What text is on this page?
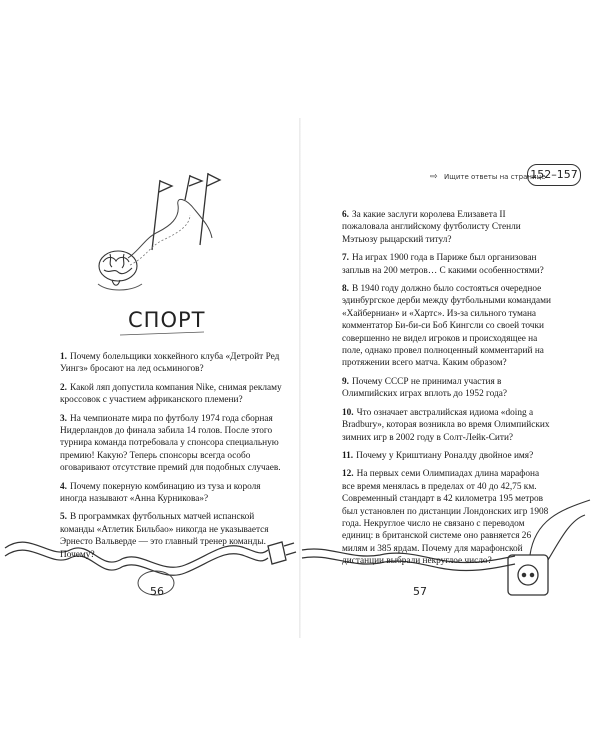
СПОРТ

1. Почему болельщики хоккейного клуба «Детройт Ред Уингз» бросают на лед осьминогов?

2. Какой ляп допустила компания Nike, снимая рекламу кроссовок с участием африканского племени?

3. На чемпионате мира по футболу 1974 года сборная Нидерландов до финала забила 14 голов. После этого турнира команда потребовала у спонсора специальную премию! Какую? Теперь спонсоры всегда особо оговаривают отсутствие премий для подобных случаев.

4. Почему покерную комбинацию из туза и короля иногда называют «Анна Курникова»?

5. В программках футбольных матчей испанской команды «Атлетик Бильбао» никогда не указывается Эрнесто Вальверде — это главный тренер команды. Почему?

56
⇨ Ищите ответы на странице
152–157

6. За какие заслуги королева Елизавета II пожаловала английскому футболисту Стенли Мэтьюзу рыцарский титул?

7. На играх 1900 года в Париже был организован заплыв на 200 метров… С какими особенностями?

8. В 1940 году должно было состояться очередное эдинбургское дерби между футбольными командами «Хайберниан» и «Хартс». Из-за сильного тумана комментатор Би-би-си Боб Кингсли со своей точки совершенно не видел игроков и происходящее на поле, однако провел полноценный комментарий на протяжении всего матча. Каким образом?

9. Почему СССР не принимал участия в Олимпийских играх вплоть до 1952 года?

10. Что означает австралийская идиома «doing a Bradbury», которая возникла во время Олимпийских зимних игр в 2002 году в Солт-Лейк-Сити?

11. Почему у Криштиану Роналду двойное имя?

12. На первых семи Олимпиадах длина марафона все время менялась в пределах от 40 до 42,75 км. Современный стандарт в 42 километра 195 метров был установлен по дистанции Лондонских игр 1908 года. Некруглое число не связано с переводом единиц: в британской системе оно равняется 26 милям и 385 ярдам. Почему для марафонской дистанции выбрали некруглое число?

57
